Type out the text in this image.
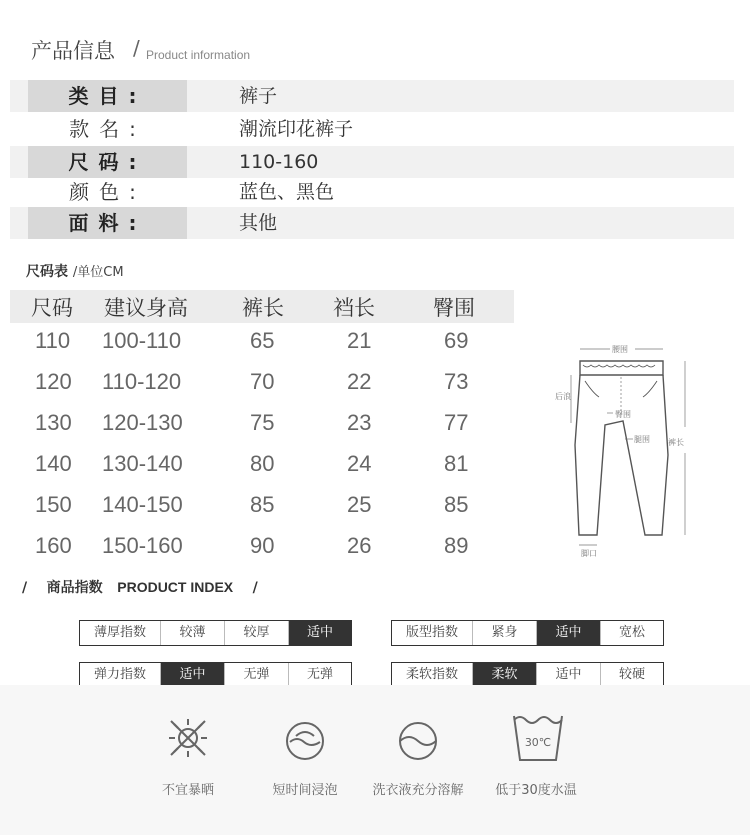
产品信息 / Product information
类目:	裤子
款名:	潮流印花裤子
尺码:	110-160
颜色:	蓝色、黑色
面料:	其他
尺码表 /单位CM
尺码 建议身高	裤长 裆长	臀围
110 100-110	65	21	69
120 110-120	70	22	73
130 120-130	75	23	77
140 130-140	80	24	81
150 140-150	85	25	85
160 150-160	90	26	89
腰围
后浪
臀围
腿围 裤长
脚口
/ 商品指数 PRODUCT INDEX /
薄厚指数	较薄	较厚	适中	版型指数	紧身	适中	宽松
弹力指数	适中	无弹	无弹	柔软指数	柔软	适中	较硬
30℃
不宜暴晒	短时间浸泡	洗衣液充分溶解	低于30度水温
